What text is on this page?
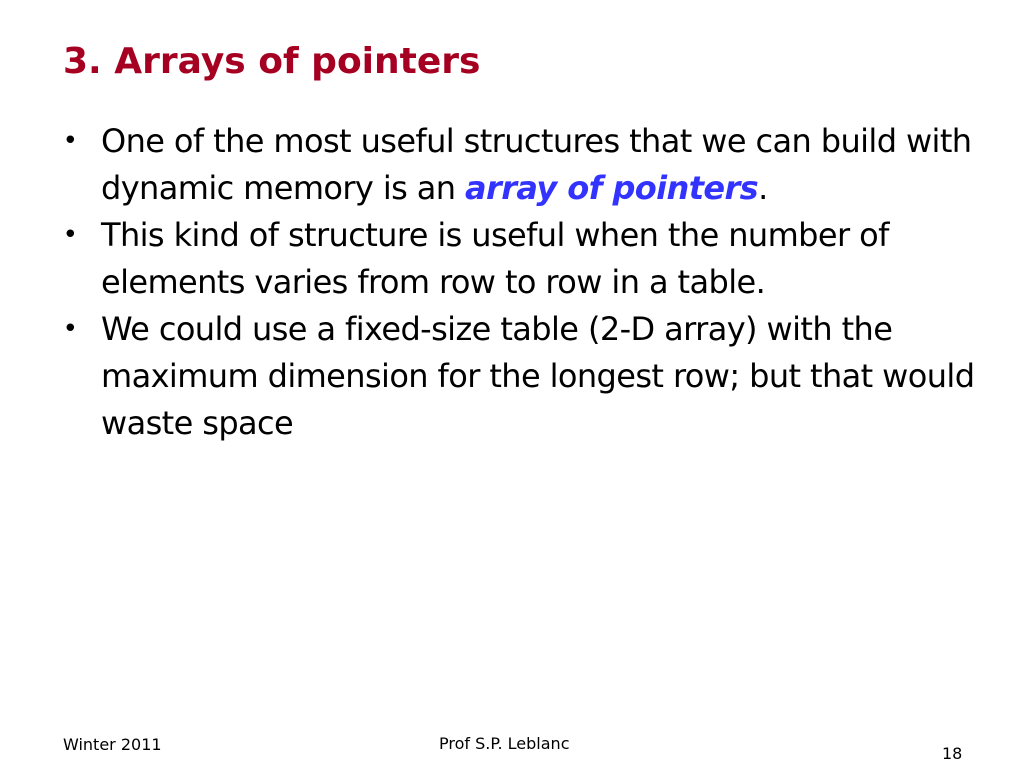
3. Arrays of pointers
• One of the most useful structures that we can build with dynamic memory is an array of pointers.
• This kind of structure is useful when the number of elements varies from row to row in a table.
• We could use a fixed-size table (2-D array) with the maximum dimension for the longest row; but that would waste space
Winter 2011	Prof S.P. Leblanc
18
